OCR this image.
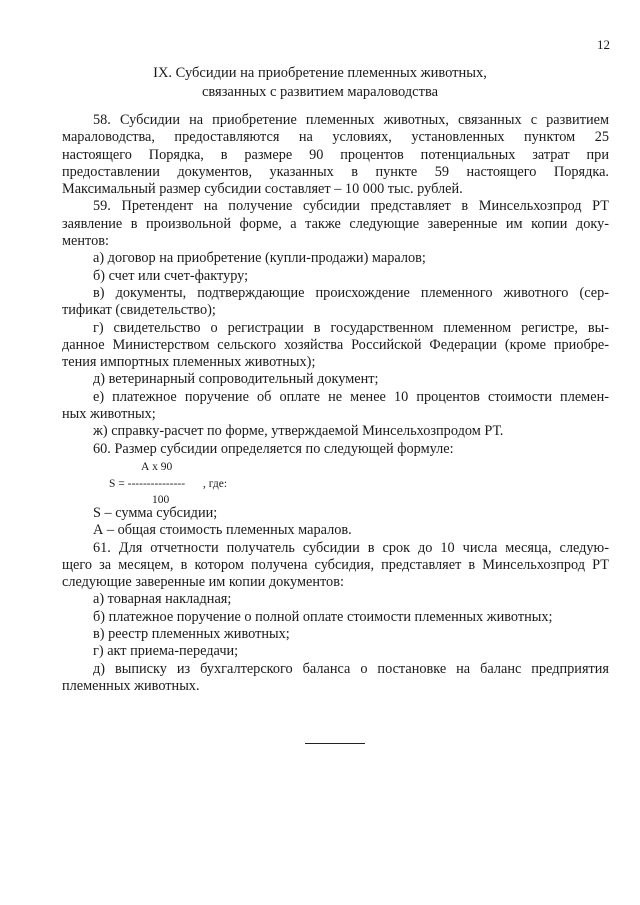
12
IX. Субсидии на приобретение племенных животных,
связанных с развитием мараловодства
58. Субсидии на приобретение племенных животных, связанных с развитием
мараловодства, предоставляются на условиях, установленных пунктом 25
настоящего Порядка, в размере 90 процентов потенциальных затрат при
предоставлении документов, указанных в пункте 59 настоящего Порядка.
Максимальный размер субсидии составляет – 10 000 тыс. рублей.
59. Претендент на получение субсидии представляет в Минсельхозпрод РТ
заявление в произвольной форме, а также следующие заверенные им копии доку-
ментов:
а) договор на приобретение (купли-продажи) маралов;
б) счет или счет-фактуру;
в) документы, подтверждающие происхождение племенного животного (сер-
тификат (свидетельство);
г) свидетельство о регистрации в государственном племенном регистре, вы-
данное Министерством сельского хозяйства Российской Федерации (кроме приобре-
тения импортных племенных животных);
д) ветеринарный сопроводительный документ;
е) платежное поручение об оплате не менее 10 процентов стоимости племен-
ных животных;
ж) справку-расчет по форме, утверждаемой Минсельхозпродом РТ.
60. Размер субсидии определяется по следующей формуле:
А х 90
S = --------------- , где:
100
S – сумма субсидии;
А – общая стоимость племенных маралов.
61. Для отчетности получатель субсидии в срок до 10 числа месяца, следую-
щего за месяцем, в котором получена субсидия, представляет в Минсельхозпрод РТ
следующие заверенные им копии документов:
а) товарная накладная;
б) платежное поручение о полной оплате стоимости племенных животных;
в) реестр племенных животных;
г) акт приема-передачи;
д) выписку из бухгалтерского баланса о постановке на баланс предприятия
племенных животных.
